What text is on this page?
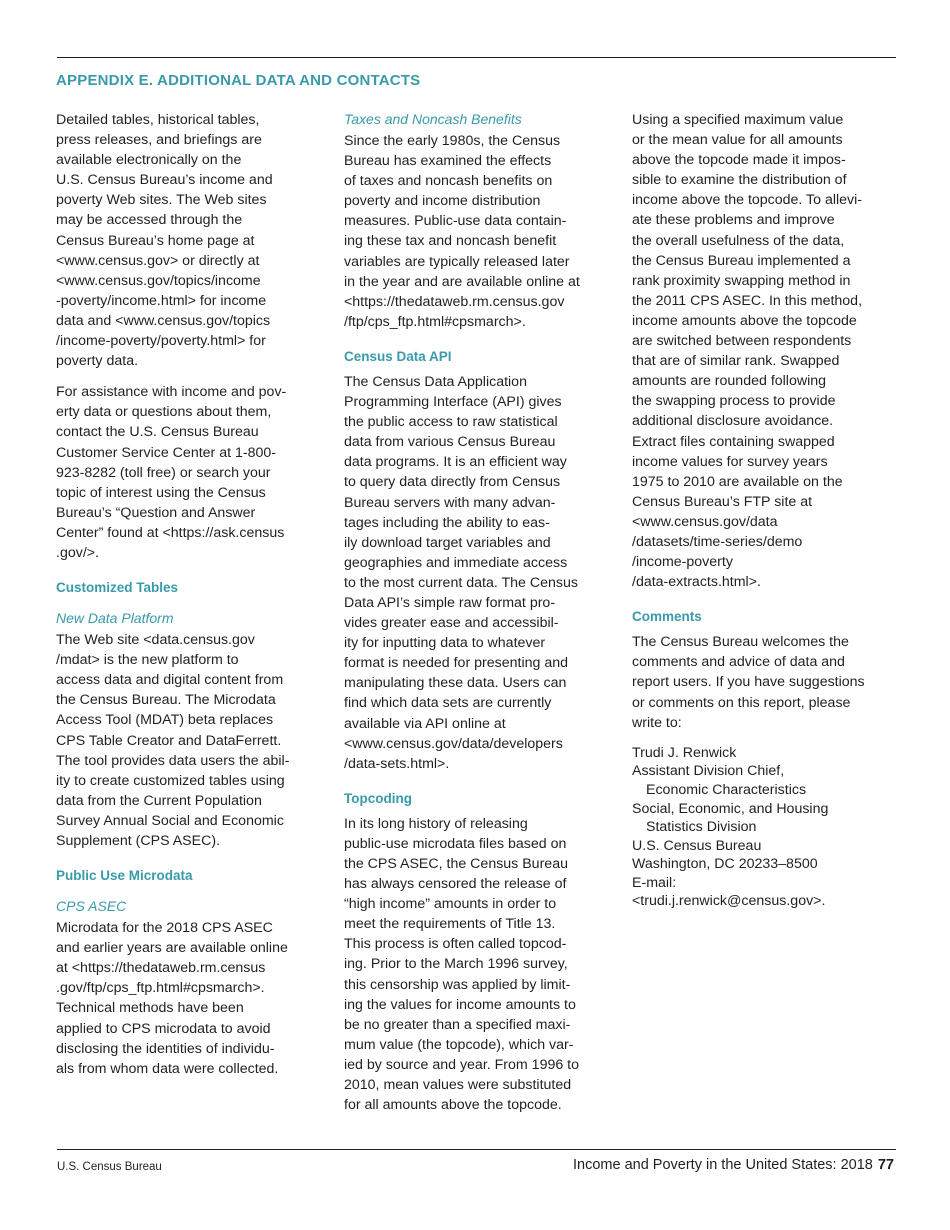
APPENDIX E. ADDITIONAL DATA AND CONTACTS

Detailed tables, historical tables,
press releases, and briefings are
available electronically on the
U.S. Census Bureau’s income and
poverty Web sites. The Web sites
may be accessed through the
Census Bureau’s home page at
<www.census.gov> or directly at
<www.census.gov/topics/income
-poverty/income.html> for income
data and <www.census.gov/topics
/income-poverty/poverty.html> for
poverty data.

For assistance with income and pov-
erty data or questions about them,
contact the U.S. Census Bureau
Customer Service Center at 1-800-
923-8282 (toll free) or search your
topic of interest using the Census
Bureau’s “Question and Answer
Center” found at <https://ask.census
.gov/>.

Customized Tables
New Data Platform

The Web site <data.census.gov
/mdat> is the new platform to
access data and digital content from
the Census Bureau. The Microdata
Access Tool (MDAT) beta replaces
CPS Table Creator and DataFerrett.
The tool provides data users the abil-
ity to create customized tables using
data from the Current Population
Survey Annual Social and Economic
Supplement (CPS ASEC).

Public Use Microdata
CPS ASEC

Microdata for the 2018 CPS ASEC
and earlier years are available online
at <https://thedataweb.rm.census
.gov/ftp/cps_ftp.html#cpsmarch>.
Technical methods have been
applied to CPS microdata to avoid
disclosing the identities of individu-
als from whom data were collected.

Taxes and Noncash Benefits

Since the early 1980s, the Census
Bureau has examined the effects
of taxes and noncash benefits on
poverty and income distribution
measures. Public-use data contain-
ing these tax and noncash benefit
variables are typically released later
in the year and are available online at
<https://thedataweb.rm.census.gov
/ftp/cps_ftp.html#cpsmarch>.

Census Data API

The Census Data Application
Programming Interface (API) gives
the public access to raw statistical
data from various Census Bureau
data programs. It is an efficient way
to query data directly from Census
Bureau servers with many advan-
tages including the ability to eas-
ily download target variables and
geographies and immediate access
to the most current data. The Census
Data API’s simple raw format pro-
vides greater ease and accessibil-
ity for inputting data to whatever
format is needed for presenting and
manipulating these data. Users can
find which data sets are currently
available via API online at
<www.census.gov/data/developers
/data-sets.html>.

Topcoding

In its long history of releasing
public-use microdata files based on
the CPS ASEC, the Census Bureau
has always censored the release of
“high income” amounts in order to
meet the requirements of Title 13.
This process is often called topcod-
ing. Prior to the March 1996 survey,
this censorship was applied by limit-
ing the values for income amounts to
be no greater than a specified maxi-
mum value (the topcode), which var-
ied by source and year. From 1996 to
2010, mean values were substituted
for all amounts above the topcode.

Using a specified maximum value
or the mean value for all amounts
above the topcode made it impos-
sible to examine the distribution of
income above the topcode. To allevi-
ate these problems and improve
the overall usefulness of the data,
the Census Bureau implemented a
rank proximity swapping method in
the 2011 CPS ASEC. In this method,
income amounts above the topcode
are switched between respondents
that are of similar rank. Swapped
amounts are rounded following
the swapping process to provide
additional disclosure avoidance.
Extract files containing swapped
income values for survey years
1975 to 2010 are available on the
Census Bureau’s FTP site at
<www.census.gov/data
/datasets/time-series/demo
/income-poverty
/data-extracts.html>.

Comments

The Census Bureau welcomes the
comments and advice of data and
report users. If you have suggestions
or comments on this report, please
write to:

Trudi J. Renwick
Assistant Division Chief,
Economic Characteristics
Social, Economic, and Housing
Statistics Division
U.S. Census Bureau
Washington, DC 20233–8500
E-mail:
<trudi.j.renwick@census.gov>.
U.S. Census Bureau	Income and Poverty in the United States: 2018 77
